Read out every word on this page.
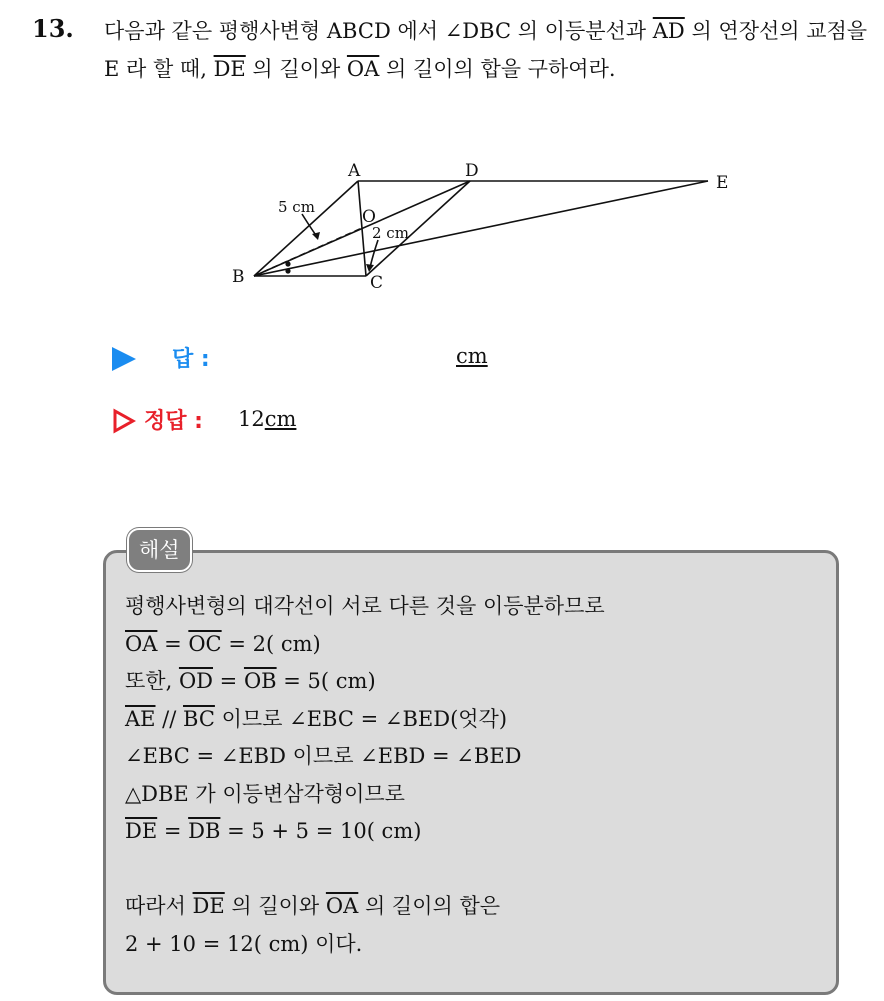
13. 다음과 같은 평행사변형 ABCD 에서 ∠DBC 의 이등분선과 $\overline{AD}$ 의 연장선의 교점을 E 라 할 때, $\overline{DE}$ 의 길이와 $\overline{OA}$ 의 길이의 합을 구하여라.
A	D
E
B	C
O
5 cm
2 cm
답 :	cm
정답 : 12cm
해설
평행사변형의 대각선이 서로 다른 것을 이등분하므로
$\overline{OA} = \overline{OC} = 2$( cm)
또한, $\overline{OD} = \overline{OB} = 5$( cm)
$\overline{AE} // \overline{BC}$ 이므로 ∠EBC = ∠BED(엇각)
∠EBC = ∠EBD 이므로 ∠EBD = ∠BED
△DBE 가 이등변삼각형이므로
$\overline{DE} = \overline{DB} = 5 + 5 = 10$( cm)
따라서 $\overline{DE}$ 의 길이와 $\overline{OA}$ 의 길이의 합은
2 + 10 = 12( cm) 이다.
